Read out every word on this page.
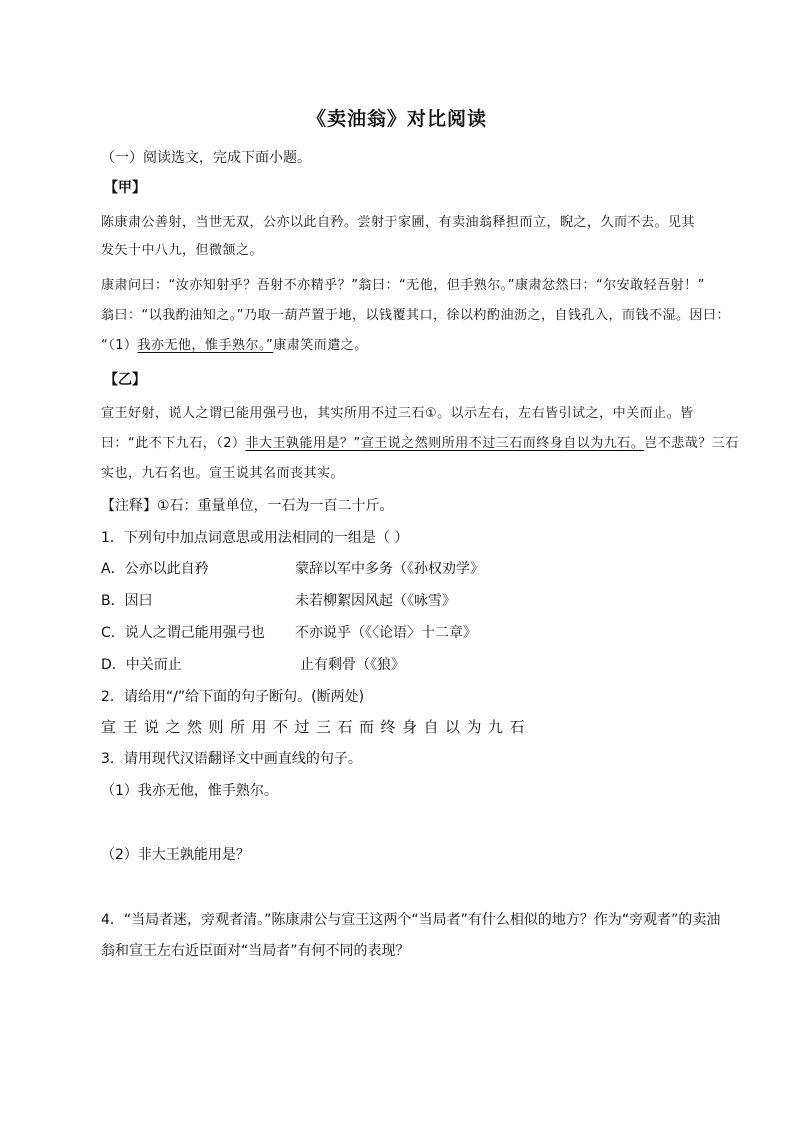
《卖油翁》对比阅读
（一）阅读选文，完成下面小题。
【甲】
陈康肃公善射，当世无双，公亦以此自矜。尝射于家圃，有卖油翁释担而立，睨之，久而不去。见其
发矢十中八九，但微颔之。
康肃问曰：“汝亦知射乎？吾射不亦精乎？”翁曰：“无他，但手熟尔。”康肃忿然曰：“尔安敢轻吾射！”
翁曰：“以我酌油知之。”乃取一葫芦置于地，以钱覆其口，徐以杓酌油沥之，自钱孔入，而钱不湿。因曰：
“（1）我亦无他，惟手熟尔。”康肃笑而遣之。
【乙】
宣王好射，说人之谓已能用强弓也，其实所用不过三石①。以示左右，左右皆引试之，中关而止。皆
曰：“此不下九石，（2）非大王孰能用是？”宣王说之然则所用不过三石而终身自以为九石。岂不悲哉？三石
实也，九石名也。宣王说其名而丧其实。
【注释】①石：重量单位，一石为一百二十斤。
1．下列句中加点词意思或用法相同的一组是（ ）
A．公亦以此自矜	蒙辞以军中多务（《孙权劝学》
B．因曰	未若柳絮因风起（《咏雪》
C．说人之谓己能用强弓也 不亦说乎（《〈论语〉十二章》
D．中关而止	止有剩骨（《狼》
2．请给用“/”给下面的句子断句。(断两处)
宣王说之然则所用不过三石而终身自以为九石
3．请用现代汉语翻译文中画直线的句子。
（1）我亦无他，惟手熟尔。
（2）非大王孰能用是？
4．“当局者迷，旁观者清。”陈康肃公与宣王这两个“当局者”有什么相似的地方？作为“旁观者”的卖油
翁和宣王左右近臣面对“当局者”有何不同的表现？
